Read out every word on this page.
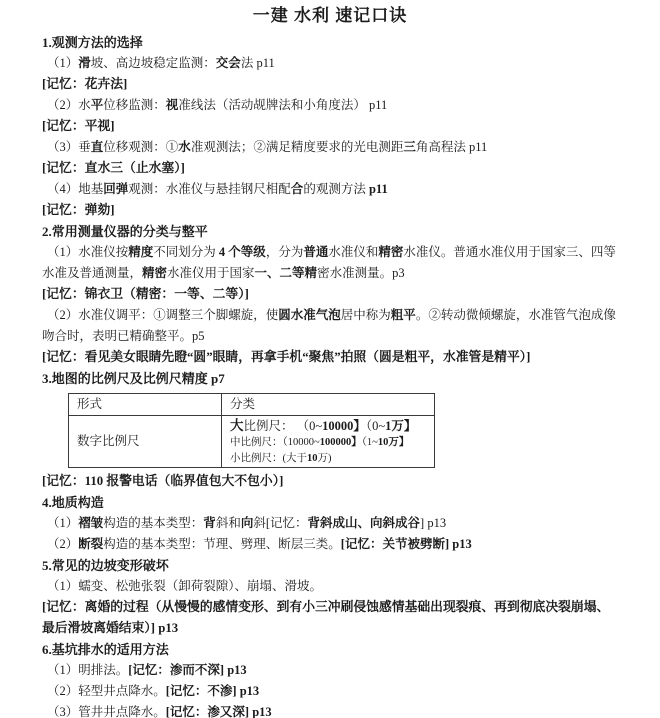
一建 水利 速记口诀
1.观测方法的选择
（1）滑坡、高边坡稳定监测：交会法 p11
[记忆：花卉法]
（2）水平位移监测：视准线法（活动觇牌法和小角度法） p11
[记忆：平视]
（3）垂直位移观测：①水准观测法；②满足精度要求的光电测距三角高程法 p11
[记忆：直水三（止水塞）]
（4）地基回弹观测：水准仪与悬挂钢尺相配合的观测方法 p11
[记忆：弹劾]
2.常用测量仪器的分类与整平
（1）水准仪按精度不同划分为 4 个等级，分为普通水准仪和精密水准仪。普通水准仪用于国家三、四等水准及普通测量，精密水准仪用于国家一、二等精密水准测量。p3
[记忆：锦衣卫（精密：一等、二等）]
（2）水准仪调平：①调整三个脚螺旋，使圆水准气泡居中称为粗平。②转动微倾螺旋，水准管气泡成像吻合时，表明已精确整平。p5
[记忆：看见美女眼睛先瞪“圆”眼睛，再拿手机“聚焦”拍照（圆是粗平，水准管是精平）]
3.地图的比例尺及比例尺精度 p7
形式	分类
数字比例尺	大比例尺： （0~10000】（0~1万】
中比例尺：（10000~100000】（1~10万】
小比例尺：(大于10万)
[记忆：110 报警电话（临界值包大不包小）]
4.地质构造
（1）褶皱构造的基本类型：背斜和向斜[记忆：背斜成山、向斜成谷] p13
（2）断裂构造的基本类型：节理、劈理、断层三类。[记忆：关节被劈断] p13
5.常见的边坡变形破坏
（1）蠕变、松弛张裂（卸荷裂隙）、崩塌、滑坡。
[记忆：离婚的过程（从慢慢的感情变形、到有小三冲刷侵蚀感情基础出现裂痕、再到彻底决裂崩塌、最后滑坡离婚结束）] p13
6.基坑排水的适用方法
（1）明排法。[记忆：渗而不深] p13
（2）轻型井点降水。[记忆：不渗] p13
（3）管井井点降水。[记忆：渗又深] p13
